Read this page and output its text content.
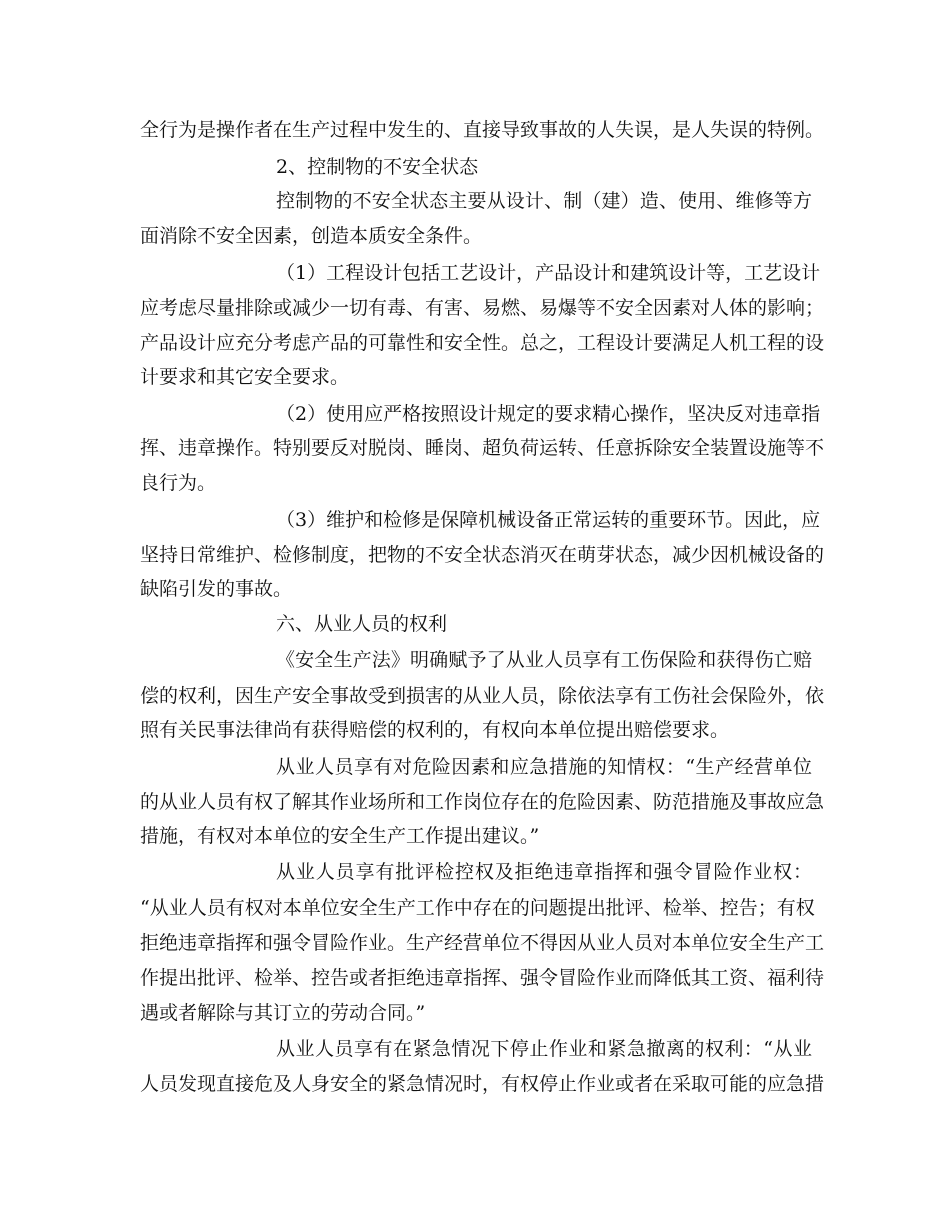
全行为是操作者在生产过程中发生的、直接导致事故的人失误，是人失误的特例。
2、控制物的不安全状态
控制物的不安全状态主要从设计、制（建）造、使用、维修等方
面消除不安全因素，创造本质安全条件。
（1）工程设计包括工艺设计，产品设计和建筑设计等，工艺设计
应考虑尽量排除或减少一切有毒、有害、易燃、易爆等不安全因素对人体的影响；
产品设计应充分考虑产品的可靠性和安全性。总之，工程设计要满足人机工程的设
计要求和其它安全要求。
（2）使用应严格按照设计规定的要求精心操作，坚决反对违章指
挥、违章操作。特别要反对脱岗、睡岗、超负荷运转、任意拆除安全装置设施等不
良行为。
（3）维护和检修是保障机械设备正常运转的重要环节。因此，应
坚持日常维护、检修制度，把物的不安全状态消灭在萌芽状态，减少因机械设备的
缺陷引发的事故。
六、从业人员的权利
《安全生产法》明确赋予了从业人员享有工伤保险和获得伤亡赔
偿的权利，因生产安全事故受到损害的从业人员，除依法享有工伤社会保险外，依
照有关民事法律尚有获得赔偿的权利的，有权向本单位提出赔偿要求。
从业人员享有对危险因素和应急措施的知情权：“生产经营单位
的从业人员有权了解其作业场所和工作岗位存在的危险因素、防范措施及事故应急
措施，有权对本单位的安全生产工作提出建议。”
从业人员享有批评检控权及拒绝违章指挥和强令冒险作业权：
“从业人员有权对本单位安全生产工作中存在的问题提出批评、检举、控告；有权
拒绝违章指挥和强令冒险作业。生产经营单位不得因从业人员对本单位安全生产工
作提出批评、检举、控告或者拒绝违章指挥、强令冒险作业而降低其工资、福利待
遇或者解除与其订立的劳动合同。”
从业人员享有在紧急情况下停止作业和紧急撤离的权利：“从业
人员发现直接危及人身安全的紧急情况时，有权停止作业或者在采取可能的应急措
